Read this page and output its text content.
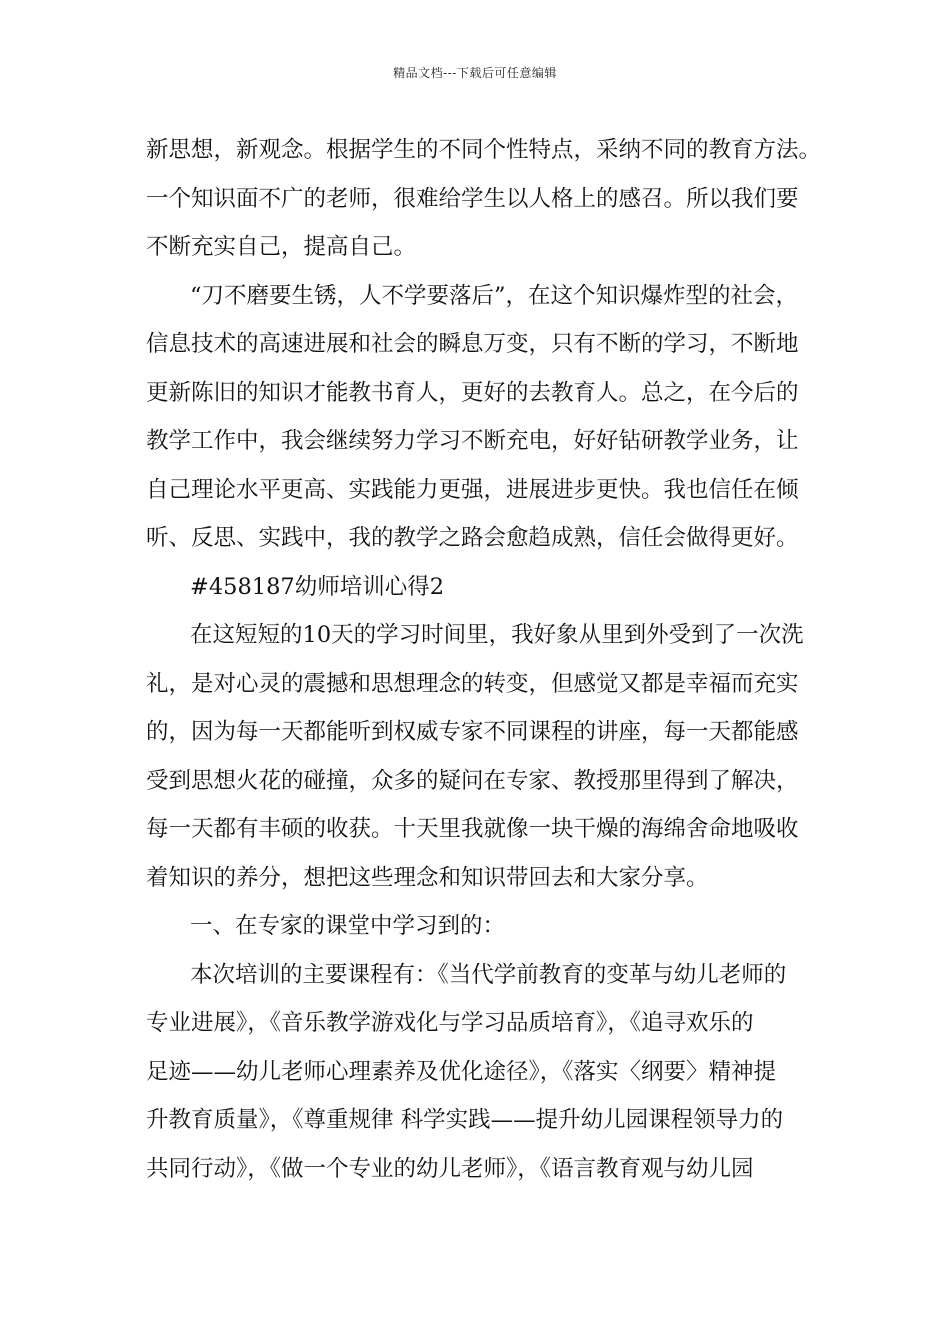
精品文档---下载后可任意编辑
新思想，新观念。根据学生的不同个性特点，采纳不同的教育方法。
一个知识面不广的老师，很难给学生以人格上的感召。所以我们要
不断充实自己，提高自己。
“刀不磨要生锈，人不学要落后”，在这个知识爆炸型的社会，
信息技术的高速进展和社会的瞬息万变，只有不断的学习，不断地
更新陈旧的知识才能教书育人，更好的去教育人。总之，在今后的
教学工作中，我会继续努力学习不断充电，好好钻研教学业务，让
自己理论水平更高、实践能力更强，进展进步更快。我也信任在倾
听、反思、实践中，我的教学之路会愈趋成熟，信任会做得更好。
#458187幼师培训心得2
在这短短的10天的学习时间里，我好象从里到外受到了一次洗
礼，是对心灵的震撼和思想理念的转变，但感觉又都是幸福而充实
的，因为每一天都能听到权威专家不同课程的讲座，每一天都能感
受到思想火花的碰撞，众多的疑问在专家、教授那里得到了解决，
每一天都有丰硕的收获。十天里我就像一块干燥的海绵舍命地吸收
着知识的养分，想把这些理念和知识带回去和大家分享。
一、在专家的课堂中学习到的：
本次培训的主要课程有：《当代学前教育的变革与幼儿老师的
专业进展》，《音乐教学游戏化与学习品质培育》，《追寻欢乐的
足迹——幼儿老师心理素养及优化途径》，《落实〈纲要〉精神提
升教育质量》，《尊重规律 科学实践——提升幼儿园课程领导力的
共同行动》，《做一个专业的幼儿老师》，《语言教育观与幼儿园
